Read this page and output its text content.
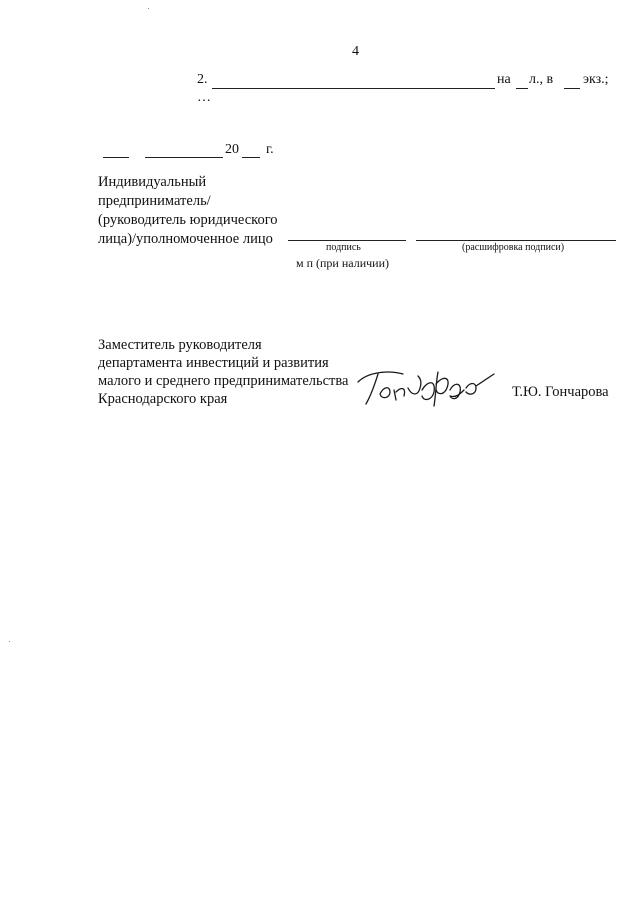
4
2.	на л., в экз.;
…
20 г.
Индивидуальный
предприниматель/
(руководитель юридического
лица)/уполномоченное лицо
подпись	(расшифровка подписи)
м п (при наличии)
Заместитель руководителя
департамента инвестиций и развития
малого и среднего предпринимательства
Краснодарского края	Т.Ю. Гончарова
